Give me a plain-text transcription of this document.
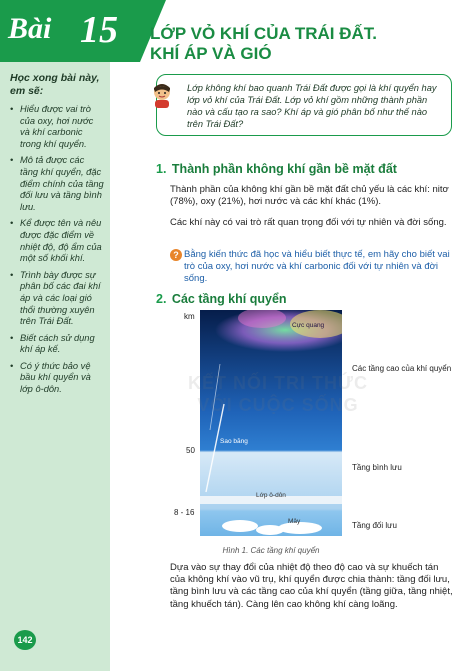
Bài 15 LỚP VỎ KHÍ CỦA TRÁI ĐẤT.
KHÍ ÁP VÀ GIÓ
Học xong bài này, em sẽ:
• Hiểu được vai trò của oxy, hơi nước và khí carbonic trong khí quyển.
• Mô tả được các tầng khí quyển, đặc điểm chính của tầng đối lưu và tầng bình lưu.
• Kể được tên và nêu được đặc điểm về nhiệt độ, độ ẩm của một số khối khí.
• Trình bày được sự phân bố các đai khí áp và các loại gió thổi thường xuyên trên Trái Đất.
• Biết cách sử dụng khí áp kế.
• Có ý thức bảo vệ bầu khí quyển và lớp ô-dôn.
142
Lớp không khí bao quanh Trái Đất được gọi là khí quyển hay lớp vỏ khí của Trái Đất. Lớp vỏ khí gồm những thành phần nào và cấu tạo ra sao? Khí áp và gió phân bố như thế nào trên Trái Đất?
1. Thành phần không khí gần bề mặt đất
Thành phần của không khí gần bề mặt đất chủ yếu là các khí: nitơ (78%), oxy (21%), hơi nước và các khí khác (1%).
Các khí này có vai trò rất quan trọng đối với tự nhiên và đời sống.
? Bằng kiến thức đã học và hiểu biết thực tế, em hãy cho biết vai trò của oxy, hơi nước và khí carbonic đối với tự nhiên và đời sống.
2. Các tầng khí quyển
km
50
8 - 16
Cực quang
Sao băng
Lớp ô-dôn
Mây
Các tầng cao của khí quyển
Tầng bình lưu
Tầng đối lưu
Hình 1. Các tầng khí quyển
Dựa vào sự thay đổi của nhiệt độ theo độ cao và sự khuếch tán của không khí vào vũ trụ, khí quyển được chia thành: tầng đối lưu, tầng bình lưu và các tầng cao của khí quyển (tầng giữa, tầng nhiệt, tầng khuếch tán). Càng lên cao không khí càng loãng.
KẾT NỐI TRI THỨC
VỚI CUỘC SỐNG
